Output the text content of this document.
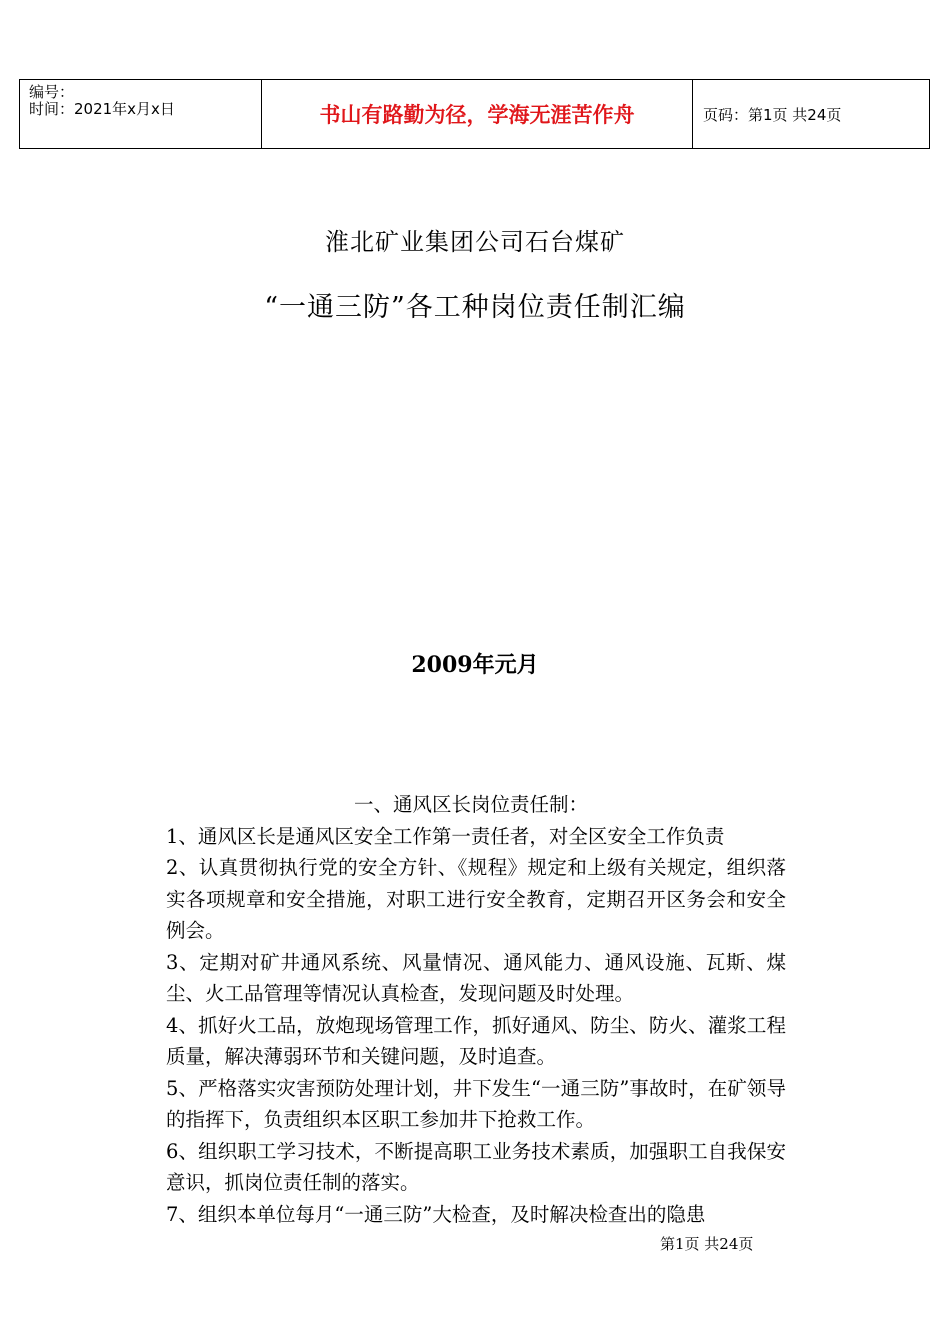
编号：
时间：2021年x月x日	书山有路勤为径，学海无涯苦作舟	页码：第1页 共24页
淮北矿业集团公司石台煤矿
“一通三防”各工种岗位责任制汇编
2009年元月
一、通风区长岗位责任制：

1、通风区长是通风区安全工作第一责任者，对全区安全工作负责

2、认真贯彻执行党的安全方针、《规程》规定和上级有关规定，组织落实各项规章和安全措施，对职工进行安全教育，定期召开区务会和安全例会。

3、定期对矿井通风系统、风量情况、通风能力、通风设施、瓦斯、煤尘、火工品管理等情况认真检查，发现问题及时处理。

4、抓好火工品，放炮现场管理工作，抓好通风、防尘、防火、灌浆工程质量，解决薄弱环节和关键问题，及时追查。

5、严格落实灾害预防处理计划，井下发生“一通三防”事故时，在矿领导的指挥下，负责组织本区职工参加井下抢救工作。

6、组织职工学习技术，不断提高职工业务技术素质，加强职工自我保安意识，抓岗位责任制的落实。

7、组织本单位每月“一通三防”大检查，及时解决检查出的隐患

第1页 共24页
